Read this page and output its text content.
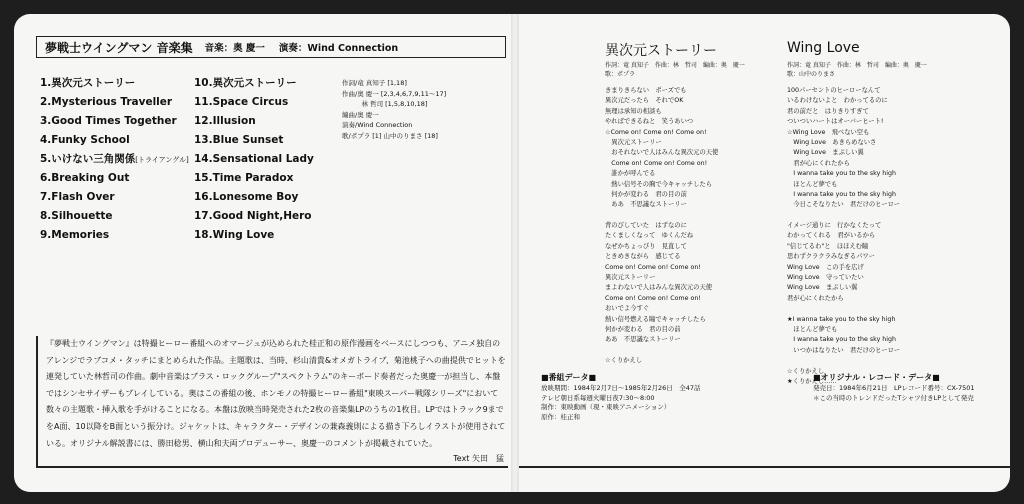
夢戦士ウイングマン 音楽集 音楽：奥 慶一 演奏：Wind Connection
1.異次元ストーリー
2.Mysterious Traveller
3.Good Times Together
4.Funky School
5.いけない三角関係[トライアングル]
6.Breaking Out
7.Flash Over
8.Silhouette
9.Memories
10.異次元ストーリー
11.Space Circus
12.Illusion
13.Blue Sunset
14.Sensational Lady
15.Time Paradox
16.Lonesome Boy
17.Good Night,Hero
18.Wing Love
作詞/竜 真知子 [1,18]
作曲/奥 慶一 [2,3,4,6,7,9,11〜17]
　　　林 哲司 [1,5,8,10,18]
編曲/奥 慶一
演奏/Wind Connection
歌/ポプラ [1] 山中のりまさ [18]

『夢戦士ウイングマン』は特撮ヒーロー番組へのオマージュが込められた桂正和の原作漫画をベースにしつつも、アニメ独自のアレンジでラブコメ・タッチにまとめられた作品。主題歌は、当時、杉山清貴&オメガトライブ、菊池桃子への曲提供でヒットを連発していた林哲司の作曲。劇中音楽はブラス・ロックグループ"スペクトラム"のキーボード奏者だった奥慶一が担当し、本盤ではシンセサイザーもプレイしている。奥はこの番組の後、ホンモノの特撮ヒーロー番組"東映スーパー戦隊シリーズ"において数々の主題歌・挿入歌を手がけることになる。本盤は放映当時発売された2枚の音楽集LPのうちの1枚目。LPではトラック9までをA面、10以降をB面という振分け。ジャケットは、キャラクター・デザインの兼森義則による描き下ろしイラストが使用されている。オリジナル解説書には、勝田稔男、横山和夫両プロデューサー、奥慶一のコメントが掲載されていた。

Text 矢田　猛
異次元ストーリー
作詞：竜 真知子　作曲：林　哲司　編曲：奥　慶一
歌：ポプラ
きまりきらない　ポーズでも
異次元だったら　それでOK
無理は承知の相談も
やればできるねと　笑うあいつ
☆Come on! Come on! Come on!
　異次元ストーリー
　おそれないで人はみんな異次元の天使
　Come on! Come on! Come on!
　誰かが呼んでる
　熱い信号その胸で今キャッチしたら
　何かが変わる　君の目の前
　ああ　不思議なストーリー

背のびしていた　はずなのに
たくましくなって　ゆくんだね
なぜかちょっぴり　見直して
ときめきながら　感じてる
Come on! Come on! Come on!
異次元ストーリー
まよわないで人はみんな異次元の天使
Come on! Come on! Come on!
おいでよ今すぐ
熱い信号燃える瞳でキャッチしたら
何かが変わる　君の目の前
ああ　不思議なストーリー

☆くりかえし
Wing Love
作詞：竜 真知子　作曲：林　哲司　編曲：奥　慶一
歌：山中のりまさ
100パーセントのヒーローなんて
いるわけないよと　わかってるのに
君の前だと　はりきりすぎて
ついついハートはオーバーヒート!
☆Wing Love　飛べない空も
　Wing Love　あきらめないさ
　Wing Love　まぶしい翼
　君が心にくれたから
　I wanna take you to the sky high
　ほとんど夢でも
　I wanna take you to the sky high
　今日こそなりたい　君だけのヒーロー

イメージ通りに　行かなくたって
わかってくれる　君がいるから
"信じてるわ"と　ほほえむ瞳
思わずクラクラみなぎるパワー
Wing Love　この手を広げ
Wing Love　守っていたい
Wing Love　まぶしい翼
君が心にくれたから

★I wanna take you to the sky high
　ほとんど夢でも
　I wanna take you to the sky high
　いつかはなりたい　君だけのヒーロー

☆くりかえし
★くりかえし……
■番組データ■
放映期間：1984年2月7日〜1985年2月26日　全47話
テレビ朝日系毎週火曜日夜7:30〜8:00
制作：東映動画（現・東映アニメーション）
原作：桂正和
■オリジナル・レコード・データ■
発売日：1984年6月21日　LPレコード番号：CX-7501
＊この当時のトレンドだったTシャツ付きLPとして発売
